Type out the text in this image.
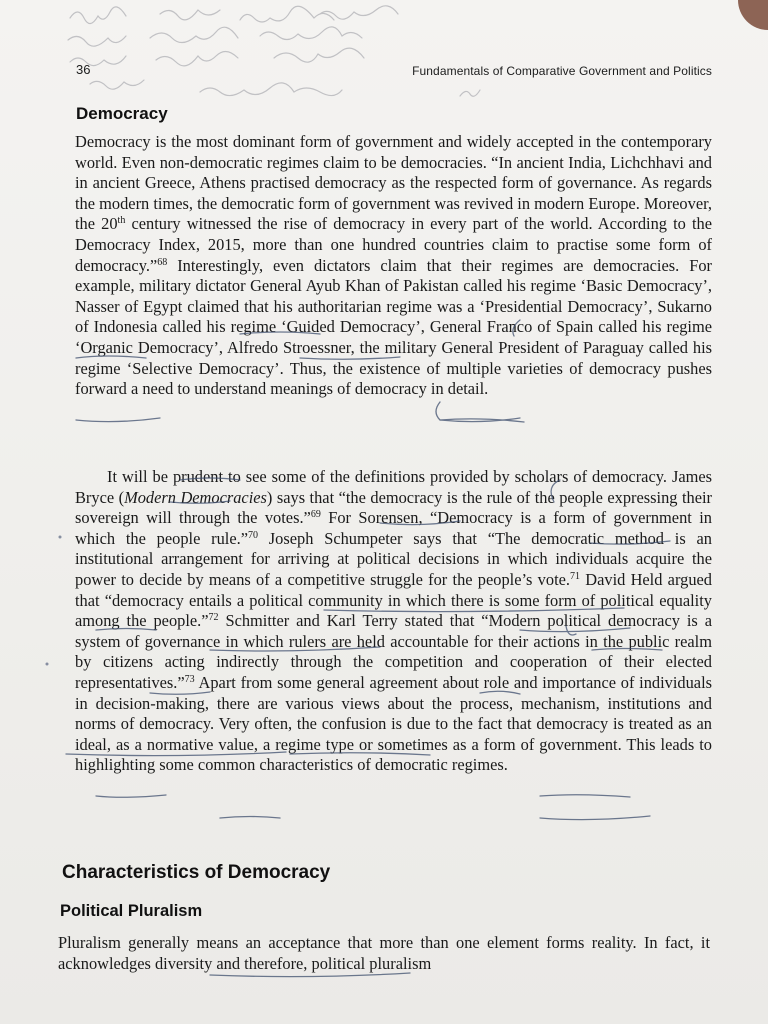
36	Fundamentals of Comparative Government and Politics
Democracy

Democracy is the most dominant form of government and widely accepted in the contemporary world. Even non-democratic regimes claim to be democracies. “In ancient India, Lichchhavi and in ancient Greece, Athens practised democracy as the respected form of governance. As regards the modern times, the democratic form of government was revived in modern Europe. Moreover, the 20th century witnessed the rise of democracy in every part of the world. According to the Democracy Index, 2015, more than one hundred countries claim to practise some form of democracy.”$^{68}$ Interestingly, even dictators claim that their regimes are democracies. For example, military dictator General Ayub Khan of Pakistan called his regime ‘Basic Democracy’, Nasser of Egypt claimed that his authoritarian regime was a ‘Presidential Democracy’, Sukarno of Indonesia called his regime ‘Guided Democracy’, General Franco of Spain called his regime ‘Organic Democracy’, Alfredo Stroessner, the military General President of Paraguay called his regime ‘Selective Democracy’. Thus, the existence of multiple varieties of democracy pushes forward a need to understand meanings of democracy in detail.

It will be prudent to see some of the definitions provided by scholars of democracy. James Bryce (Modern Democracies) says that “the democracy is the rule of the people expressing their sovereign will through the votes.”$^{69}$ For Sorensen, “Democracy is a form of government in which the people rule.”$^{70}$ Joseph Schumpeter says that “The democratic method is an institutional arrangement for arriving at political decisions in which individuals acquire the power to decide by means of a competitive struggle for the people’s vote.$^{71}$ David Held argued that “democracy entails a political community in which there is some form of political equality among the people.”$^{72}$ Schmitter and Karl Terry stated that “Modern political democracy is a system of governance in which rulers are held accountable for their actions in the public realm by citizens acting indirectly through the competition and cooperation of their elected representatives.”$^{73}$ Apart from some general agreement about role and importance of individuals in decision-making, there are various views about the process, mechanism, institutions and norms of democracy. Very often, the confusion is due to the fact that democracy is treated as an ideal, as a normative value, a regime type or sometimes as a form of government. This leads to highlighting some common characteristics of democratic regimes.

Characteristics of Democracy
Political Pluralism

Pluralism generally means an acceptance that more than one element forms reality. In fact, it acknowledges diversity and therefore, political pluralism
